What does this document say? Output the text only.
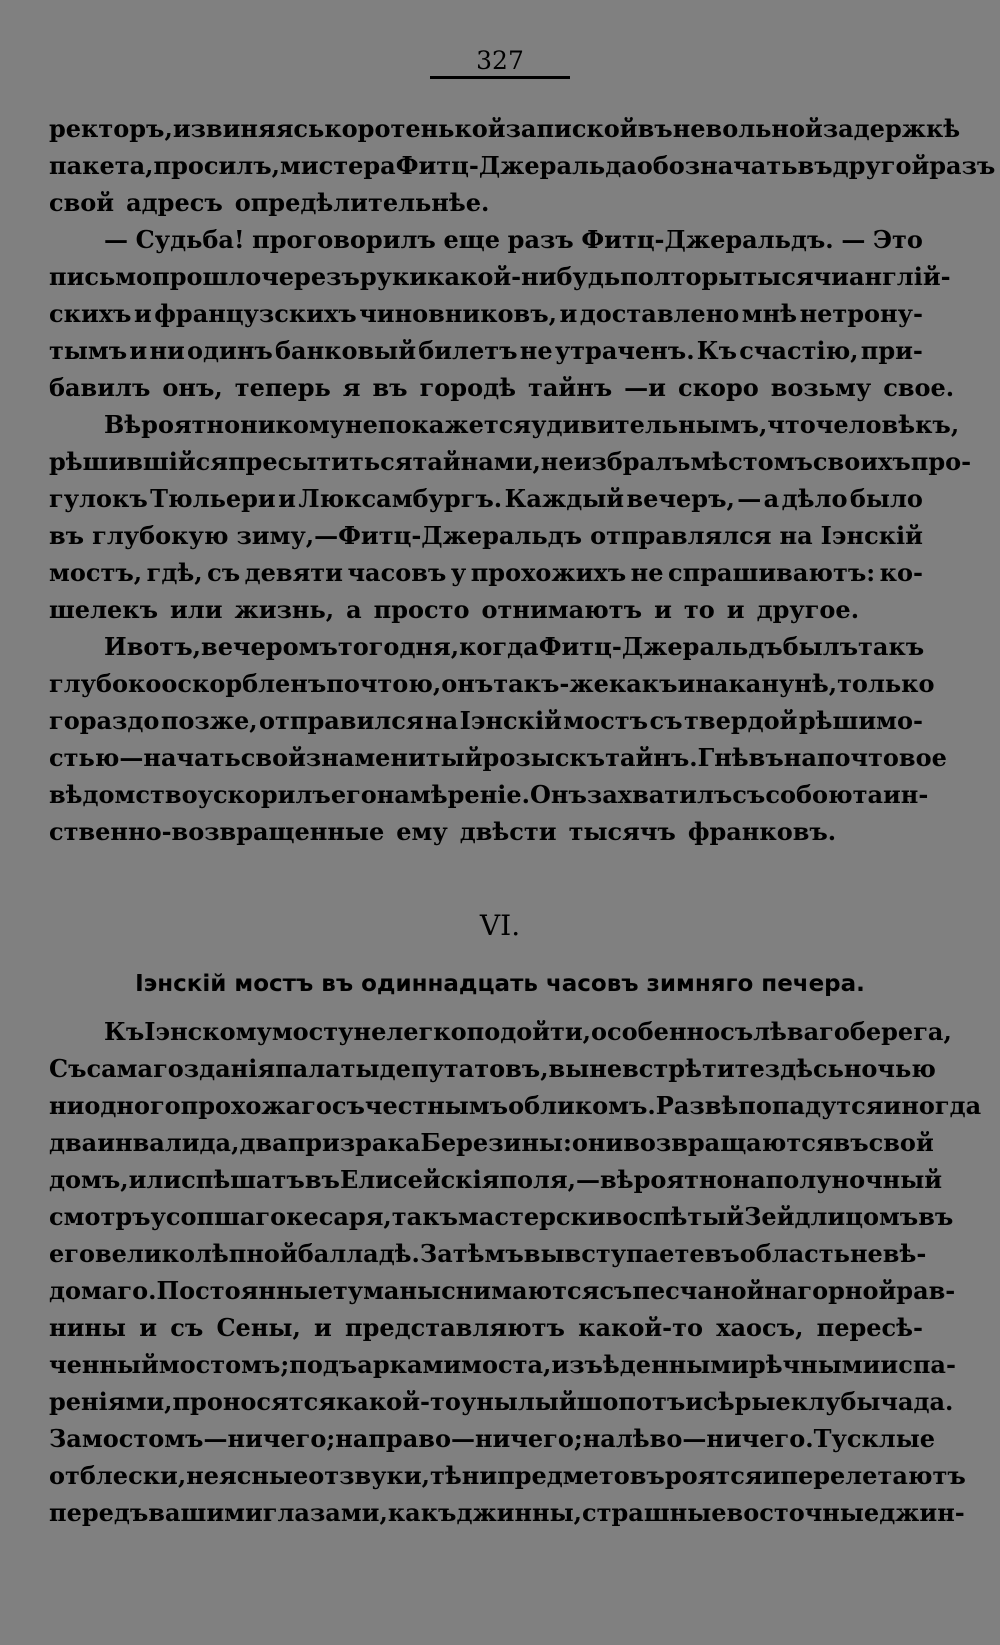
327
ректоръ, извиняясь коротенькой запиской въ невольной задержкѣ
пакета, просилъ, мистера Фитц-Джеральда обозначать въ другой разъ
свой адресъ опредѣлительнѣе.
— Судьба! проговорилъ еще разъ Фитц-Джеральдъ. — Это
письмо прошло черезъ руки какой-нибудь полторы тысячи англій-
скихъ и французскихъ чиновниковъ, и доставлено мнѣ нетрону-
тымъ и ни одинъ банковый билетъ не утраченъ. Къ счастію, при-
бавилъ онъ, теперь я въ городѣ тайнъ —и скоро возьму свое.
Вѣроятно никому не покажется удивительнымъ, что человѣкъ,
рѣшившійся пресытиться тайнами, не избралъ мѣстомъ своихъ про-
гулокъ Тюльери и Люксамбургъ. Каждый вечеръ, — а дѣло было
въ глубокую зиму,—Фитц-Джеральдъ отправлялся на Іэнскій
мостъ, гдѣ, съ девяти часовъ у прохожихъ не спрашиваютъ: ко-
шелекъ или жизнь, а просто отнимаютъ и то и другое.
И вотъ, вечеромъ того дня, когда Фитц-Джеральдъ былъ такъ
глубоко оскорбленъ почтою, онъ такъ-же какъ и наканунѣ, только
гораздо позже, отправился на Іэнскій мостъ съ твердой рѣшимо-
стью—начать свой знаменитый розыскъ тайнъ. Гнѣвъ на почтовое
вѣдомство ускорилъ его намѣреніе. Онъ захватилъ съ собою таин-
ственно-возвращенные ему двѣсти тысячъ франковъ.
VI.
Іэнскій мостъ въ одиннадцать часовъ зимняго печера.
Къ Іэнскому мосту не легко подойти, особенно съ лѣваго берега,
Съ самаго зданія палаты депутатовъ, вы не встрѣтите здѣсь ночью
ни одного прохожаго съ честнымъ обликомъ. Развѣ попадутся иногда
два инвалида, два призрака Березины: они возвращаются въ свой
домъ, или спѣшатъ въ Елисейскія поля, —вѣроятно на полуночный
смотръ усопшаго кесаря, такъ мастерски воспѣтый Зейдлицомъ въ
его великолѣпной балладѣ. Затѣмъ вы вступаете въ область невѣ-
домаго. Постоянные туманы снимаются съ песчаной нагорной рав-
нины и съ Сены, и представляютъ какой-то хаосъ, пересѣ-
ченный мостомъ; подъ арками моста, изъѣденными рѣчными испа-
реніями, проносятся какой-то унылый шопотъ и сѣрые клубы чада.
За мостомъ — ничего; направо — ничего; налѣво — ничего. Тусклые
отблески, неясные отзвуки, тѣни предметовъ роятся и перелетаютъ
передъ вашими глазами, какъ джинны, страшные восточные джин-
